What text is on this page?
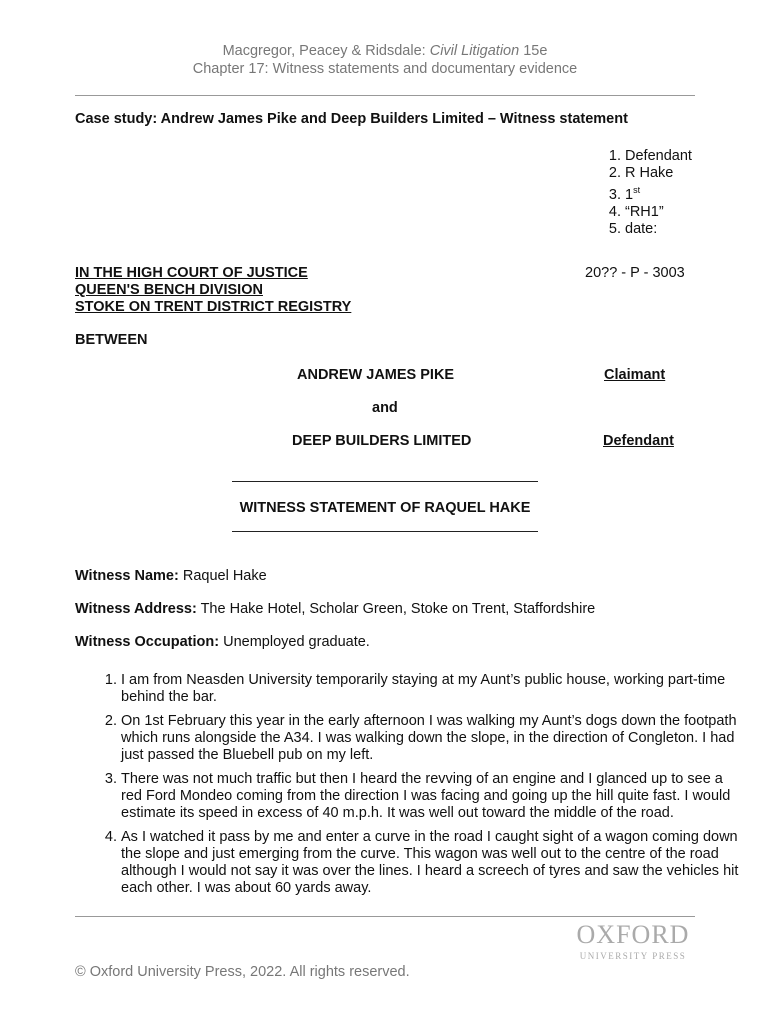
Macgregor, Peacey & Ridsdale: Civil Litigation 15e
Chapter 17: Witness statements and documentary evidence
Case study: Andrew James Pike and Deep Builders Limited – Witness statement
1. Defendant
2. R Hake
3. 1st
4. “RH1”
5. date:
IN THE HIGH COURT OF JUSTICE
QUEEN'S BENCH DIVISION
STOKE ON TRENT DISTRICT REGISTRY
20?? - P - 3003
BETWEEN
ANDREW JAMES PIKE	Claimant
and
DEEP BUILDERS LIMITED	Defendant
WITNESS STATEMENT OF RAQUEL HAKE
Witness Name: Raquel Hake
Witness Address: The Hake Hotel, Scholar Green, Stoke on Trent, Staffordshire
Witness Occupation: Unemployed graduate.
1. I am from Neasden University temporarily staying at my Aunt’s public house, working part-time behind the bar.
2. On 1st February this year in the early afternoon I was walking my Aunt’s dogs down the footpath which runs alongside the A34. I was walking down the slope, in the direction of Congleton. I had just passed the Bluebell pub on my left.
3. There was not much traffic but then I heard the revving of an engine and I glanced up to see a red Ford Mondeo coming from the direction I was facing and going up the hill quite fast. I would estimate its speed in excess of 40 m.p.h. It was well out toward the middle of the road.
4. As I watched it pass by me and enter a curve in the road I caught sight of a wagon coming down the slope and just emerging from the curve. This wagon was well out to the centre of the road although I would not say it was over the lines. I heard a screech of tyres and saw the vehicles hit each other. I was about 60 yards away.
OXFORD
UNIVERSITY PRESS
© Oxford University Press, 2022. All rights reserved.
